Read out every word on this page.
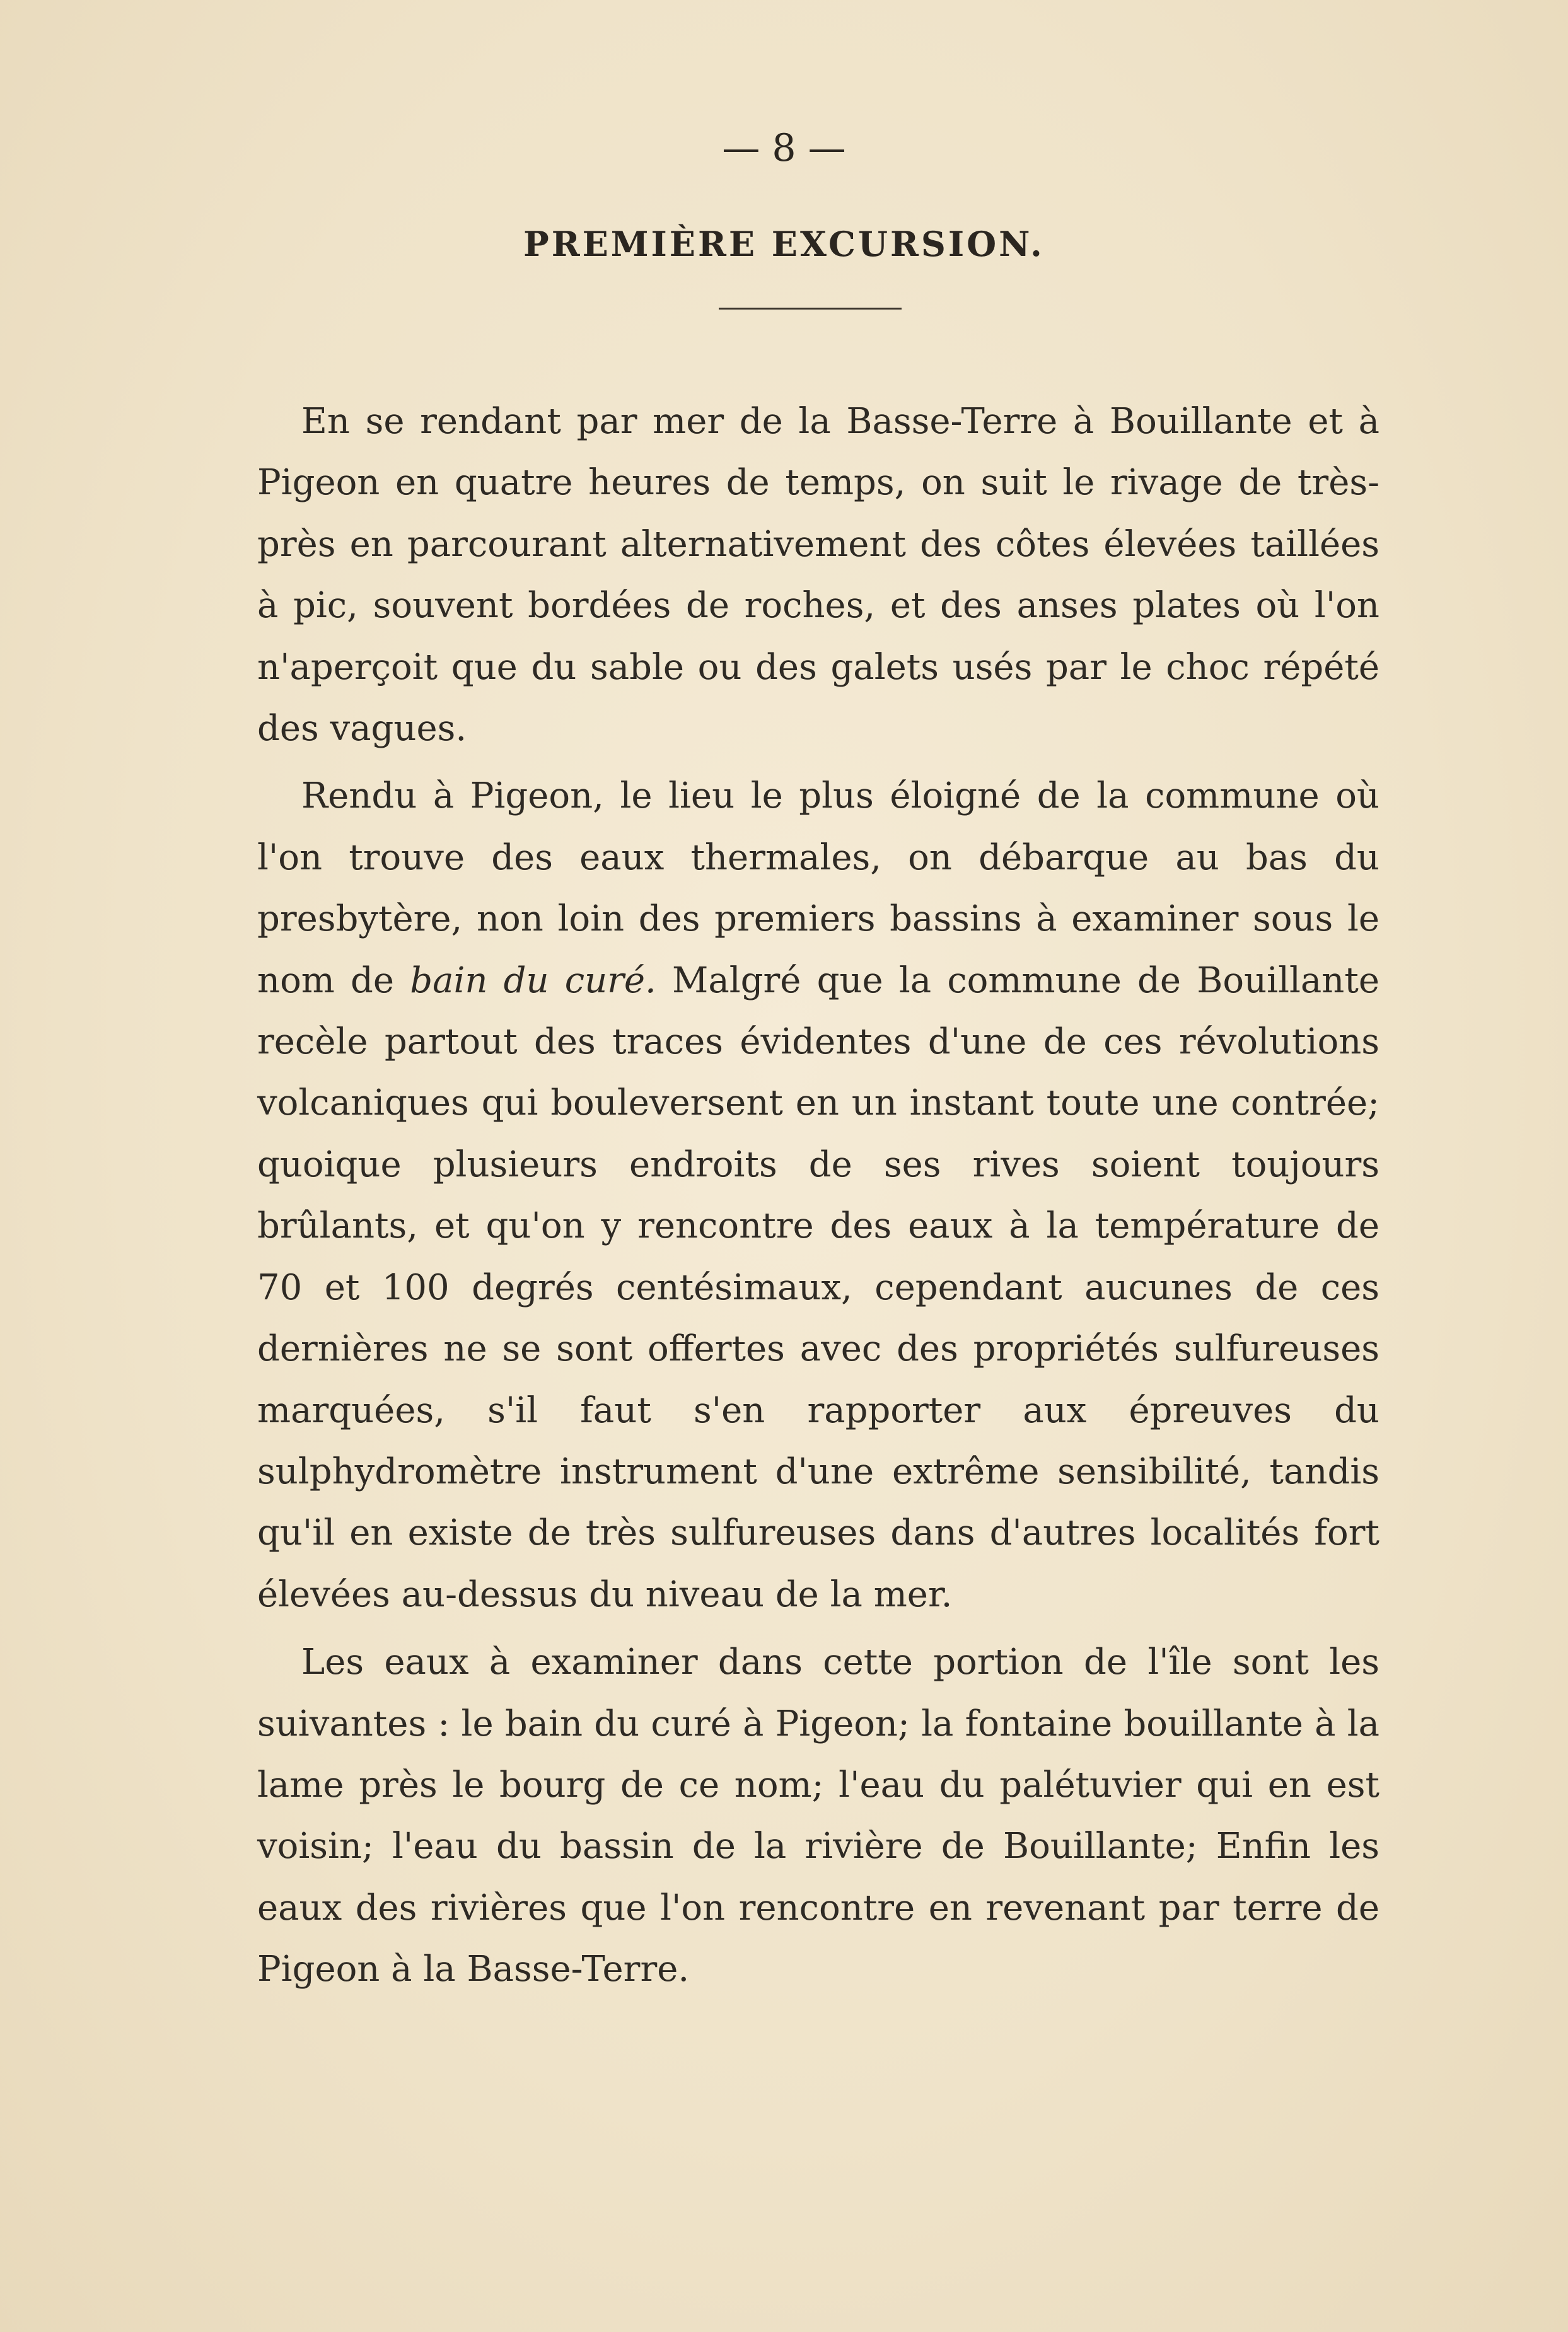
— 8 —
PREMIÈRE EXCURSION.

En se rendant par mer de la Basse-Terre à Bouillante et à Pigeon en quatre heures de temps, on suit le rivage de très-près en parcourant alternativement des côtes élevées taillées à pic, souvent bordées de roches, et des anses plates où l'on n'aperçoit que du sable ou des galets usés par le choc répété des vagues.

Rendu à Pigeon, le lieu le plus éloigné de la commune où l'on trouve des eaux thermales, on débarque au bas du presbytère, non loin des premiers bassins à examiner sous le nom de bain du curé. Malgré que la commune de Bouillante recèle partout des traces évidentes d'une de ces révolutions volcaniques qui bouleversent en un instant toute une contrée; quoique plusieurs endroits de ses rives soient toujours brûlants, et qu'on y rencontre des eaux à la température de 70 et 100 degrés centésimaux, cependant aucunes de ces dernières ne se sont offertes avec des propriétés sulfureuses marquées, s'il faut s'en rapporter aux épreuves du sulphydromètre instrument d'une extrême sensibilité, tandis qu'il en existe de très sulfureuses dans d'autres localités fort élevées au-dessus du niveau de la mer.

Les eaux à examiner dans cette portion de l'île sont les suivantes : le bain du curé à Pigeon; la fontaine bouillante à la lame près le bourg de ce nom; l'eau du palétuvier qui en est voisin; l'eau du bassin de la rivière de Bouillante; Enfin les eaux des rivières que l'on rencontre en revenant par terre de Pigeon à la Basse-Terre.
